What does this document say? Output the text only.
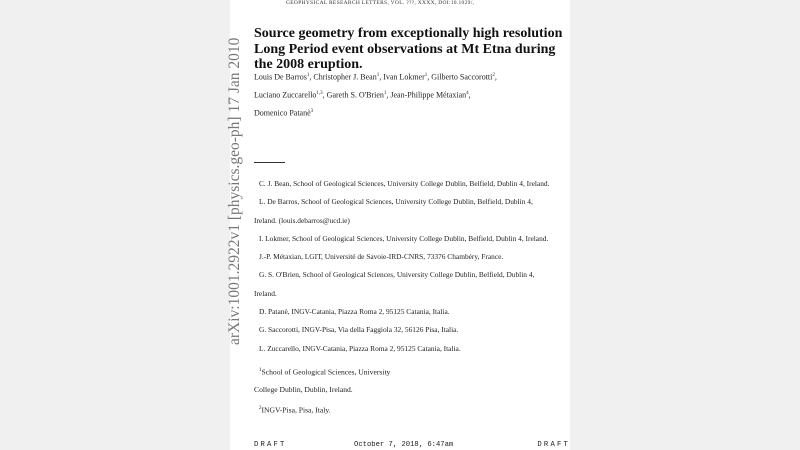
GEOPHYSICAL RESEARCH LETTERS, VOL. ???, XXXX, DOI:10.1029/,
arXiv:1001.2922v1 [physics.geo-ph] 17 Jan 2010
Source geometry from exceptionally high resolution Long Period event observations at Mt Etna during the 2008 eruption.
Louis De Barros$^1$, Christopher J. Bean$^1$, Ivan Lokmer$^1$, Gilberto Saccorotti$^2$,
Luciano Zuccarello$^{1,3}$, Gareth S. O'Brien$^1$, Jean-Philippe Métaxian$^4$,
Domenico Patanè$^3$
C. J. Bean, School of Geological Sciences, University College Dublin, Belfield, Dublin 4, Ireland.
L. De Barros, School of Geological Sciences, University College Dublin, Belfield, Dublin 4,
Ireland. (louis.debarros@ucd.ie)
I. Lokmer, School of Geological Sciences, University College Dublin, Belfield, Dublin 4, Ireland.
J.-P. Métaxian, LGIT, Université de Savoie-IRD-CNRS, 73376 Chambéry, France.
G. S. O'Brien, School of Geological Sciences, University College Dublin, Belfield, Dublin 4,
Ireland.
D. Patanè, INGV-Catania, Piazza Roma 2, 95125 Catania, Italia.
G. Saccorotti, INGV-Pisa, Via della Faggiola 32, 56126 Pisa, Italia.
L. Zuccarello, INGV-Catania, Piazza Roma 2, 95125 Catania, Italia.
$^1$School of Geological Sciences, University
College Dublin, Dublin, Ireland.
$^2$INGV-Pisa, Pisa, Italy.
DRAFT	October 7, 2018, 6:47am	DRAFT
